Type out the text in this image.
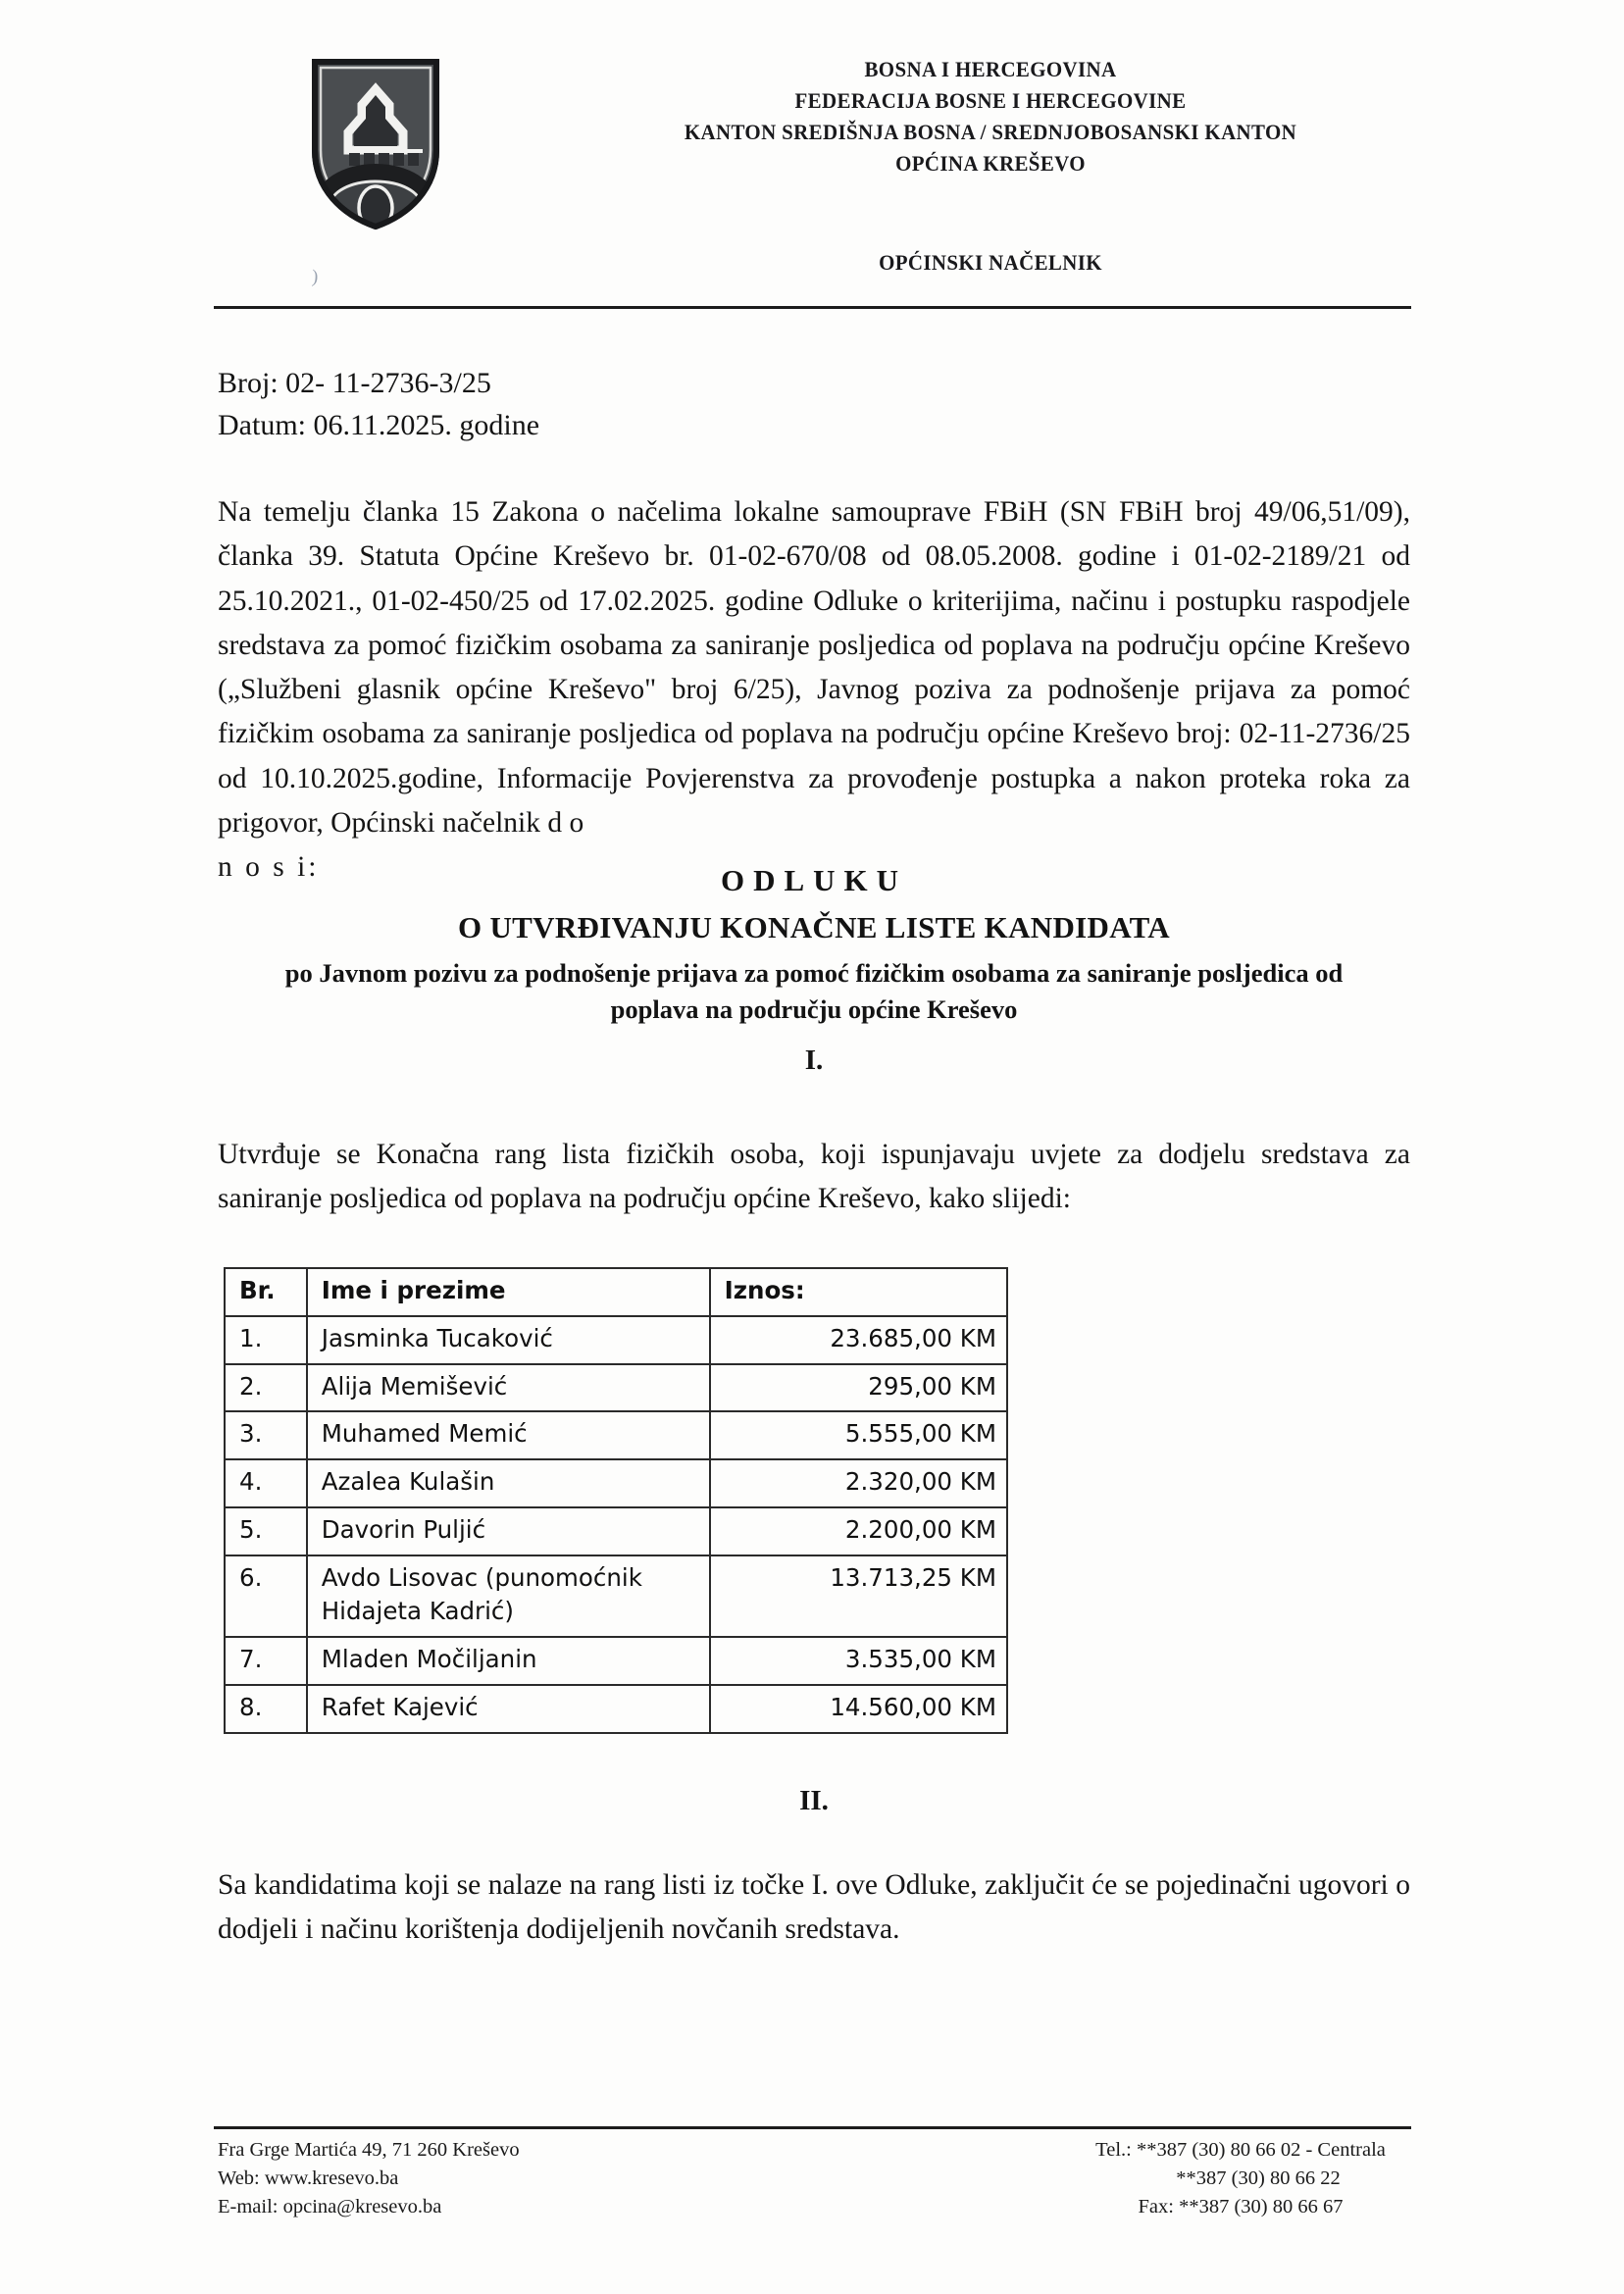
BOSNA I HERCEGOVINA
FEDERACIJA BOSNE I HERCEGOVINE
KANTON SREDIŠNJA BOSNA / SREDNJOBOSANSKI KANTON
OPĆINA KREŠEVO
)
OPĆINSKI NAČELNIK
Broj: 02- 11-2736-3/25
Datum: 06.11.2025. godine
Na temelju članka 15 Zakona o načelima lokalne samouprave FBiH (SN FBiH broj 49/06,51/09), članka 39. Statuta Općine Kreševo br. 01-02-670/08 od 08.05.2008. godine i 01-02-2189/21 od 25.10.2021., 01-02-450/25 od 17.02.2025. godine Odluke o kriterijima, načinu i postupku raspodjele sredstava za pomoć fizičkim osobama za saniranje posljedica od poplava na području općine Kreševo („Službeni glasnik općine Kreševo" broj 6/25), Javnog poziva za podnošenje prijava za pomoć fizičkim osobama za saniranje posljedica od poplava na području općine Kreševo broj: 02-11-2736/25 od 10.10.2025.godine, Informacije Povjerenstva za provođenje postupka a nakon proteka roka za prigovor, Općinski načelnik d o
n o s i:	ODLUKU
O UTVRĐIVANJU KONAČNE LISTE KANDIDATA
po Javnom pozivu za podnošenje prijava za pomoć fizičkim osobama za saniranje posljedica od poplava na području općine Kreševo
I.
Utvrđuje se Konačna rang lista fizičkih osoba, koji ispunjavaju uvjete za dodjelu sredstava za saniranje posljedica od poplava na području općine Kreševo, kako slijedi:
Br.	Ime i prezime	Iznos:
1.	Jasminka Tucaković	23.685,00 KM
2.	Alija Memišević	295,00 KM
3.	Muhamed Memić	5.555,00 KM
4.	Azalea Kulašin	2.320,00 KM
5.	Davorin Puljić	2.200,00 KM
6.	Avdo Lisovac (punomoćnik Hidajeta Kadrić)	13.713,25 KM
7.	Mladen Močiljanin	3.535,00 KM
8.	Rafet Kajević	14.560,00 KM
II.
Sa kandidatima koji se nalaze na rang listi iz točke I. ove Odluke, zaključit će se pojedinačni ugovori o dodjeli i načinu korištenja dodijeljenih novčanih sredstava.
Fra Grge Martića 49, 71 260 Kreševo
Web: www.kresevo.ba
E-mail: opcina@kresevo.ba
Tel.: **387 (30) 80 66 02 - Centrala
**387 (30) 80 66 22
Fax: **387 (30) 80 66 67
